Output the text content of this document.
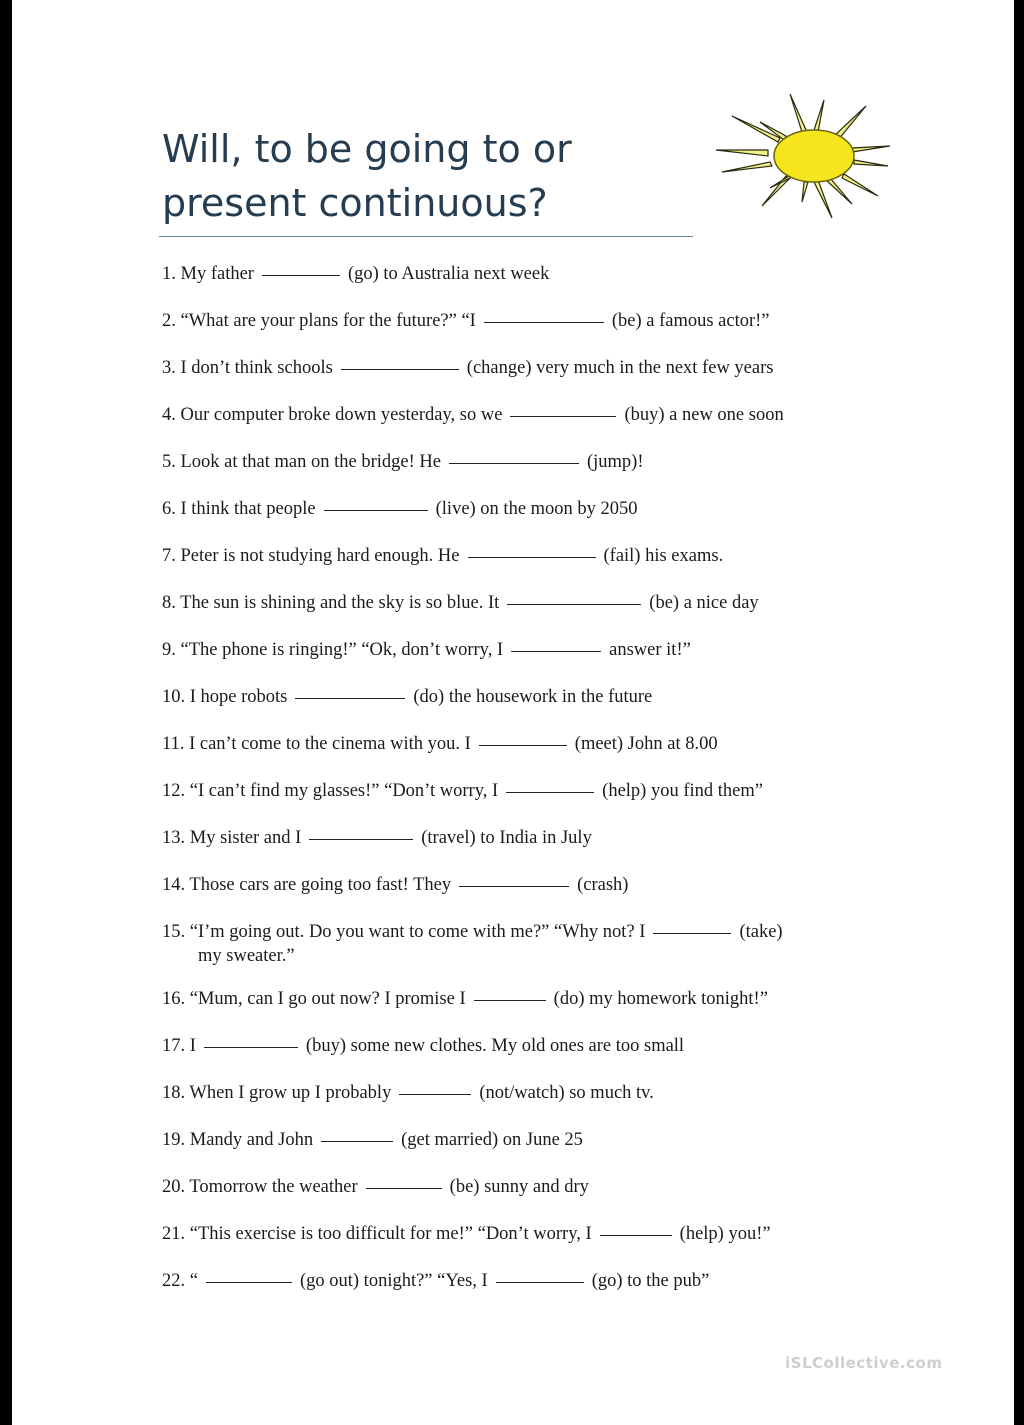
Will, to be going to or
present continuous?
1. My father	(go) to Australia next week
2. “What are your plans for the future?” “I	(be) a famous actor!”
3. I don’t think schools	(change) very much in the next few years
4. Our computer broke down yesterday, so we	(buy) a new one soon
5. Look at that man on the bridge! He	(jump)!
6. I think that people	(live) on the moon by 2050
7. Peter is not studying hard enough. He	(fail) his exams.
8. The sun is shining and the sky is so blue. It	(be) a nice day
9. “The phone is ringing!” “Ok, don’t worry, I	answer it!”
10. I hope robots	(do) the housework in the future
11. I can’t come to the cinema with you. I	(meet) John at 8.00
12. “I can’t find my glasses!” “Don’t worry, I	(help) you find them”
13. My sister and I	(travel) to India in July
14. Those cars are going too fast! They	(crash)
15. “I’m going out. Do you want to come with me?” “Why not? I	(take)
my sweater.”
16. “Mum, can I go out now? I promise I	(do) my homework tonight!”
17. I	(buy) some new clothes. My old ones are too small
18. When I grow up I probably	(not/watch) so much tv.
19. Mandy and John	(get married) on June 25
20. Tomorrow the weather	(be) sunny and dry
21. “This exercise is too difficult for me!” “Don’t worry, I	(help) you!”
22. “	(go out) tonight?” “Yes, I	(go) to the pub”
iSLCollective.com
